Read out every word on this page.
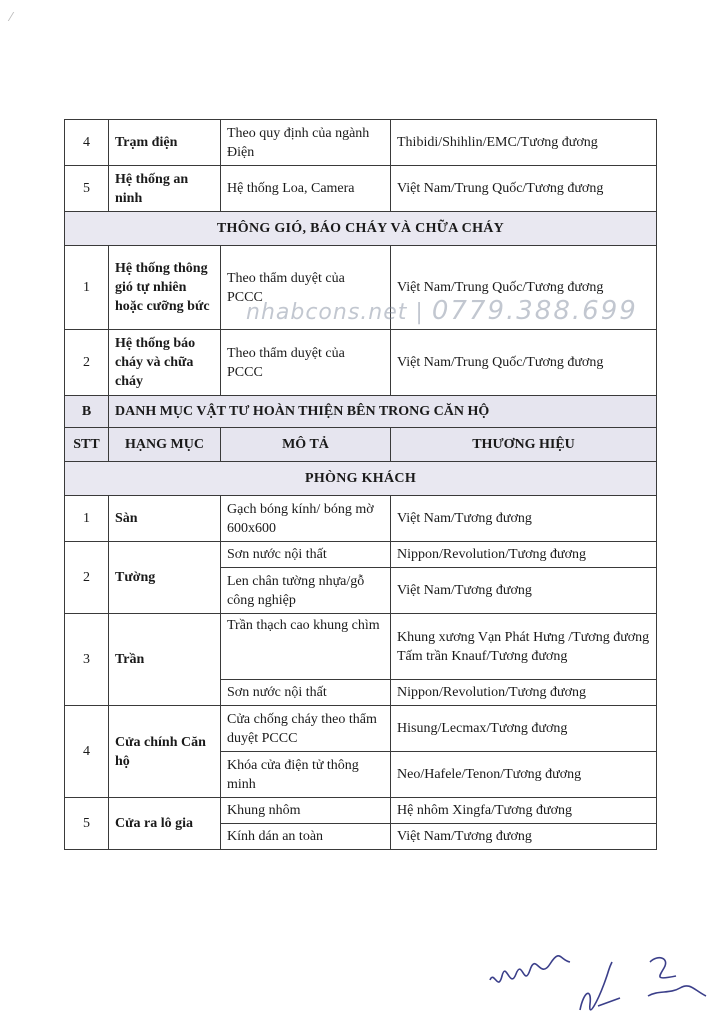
⁄
4	Trạm điện	Theo quy định của ngành Điện	Thibidi/Shihlin/EMC/Tương đương
5	Hệ thống an ninh	Hệ thống Loa, Camera	Việt Nam/Trung Quốc/Tương đương
THÔNG GIÓ, BÁO CHÁY VÀ CHỮA CHÁY			
1	Hệ thống thông gió tự nhiên hoặc cưỡng bức	Theo thẩm duyệt của PCCC	Việt Nam/Trung Quốc/Tương đương
2	Hệ thống báo cháy và chữa cháy	Theo thẩm duyệt của PCCC	Việt Nam/Trung Quốc/Tương đương
B	DANH MỤC VẬT TƯ HOÀN THIỆN BÊN TRONG CĂN HỘ		
STT	HẠNG MỤC	MÔ TẢ	THƯƠNG HIỆU
PHÒNG KHÁCH			
1	Sàn	Gạch bóng kính/ bóng mờ 600x600	Việt Nam/Tương đương
2	Tường	Sơn nước nội thất	Nippon/Revolution/Tương đương
		Len chân tường nhựa/gỗ công nghiệp	Việt Nam/Tương đương
3	Trần	Trần thạch cao khung chìm	Khung xương Vạn Phát Hưng /Tương đương
Tấm trần Knauf/Tương đương

		Sơn nước nội thất	Nippon/Revolution/Tương đương
4	Cửa chính Căn hộ	Cửa chống cháy theo thẩm duyệt PCCC	Hisung/Lecmax/Tương đương
		Khóa cửa điện tử thông minh	Neo/Hafele/Tenon/Tương đương
5	Cửa ra lô gia	Khung nhôm	Hệ nhôm Xingfa/Tương đương
		Kính dán an toàn	Việt Nam/Tương đương
nhabcons.net | 0779.388.699
